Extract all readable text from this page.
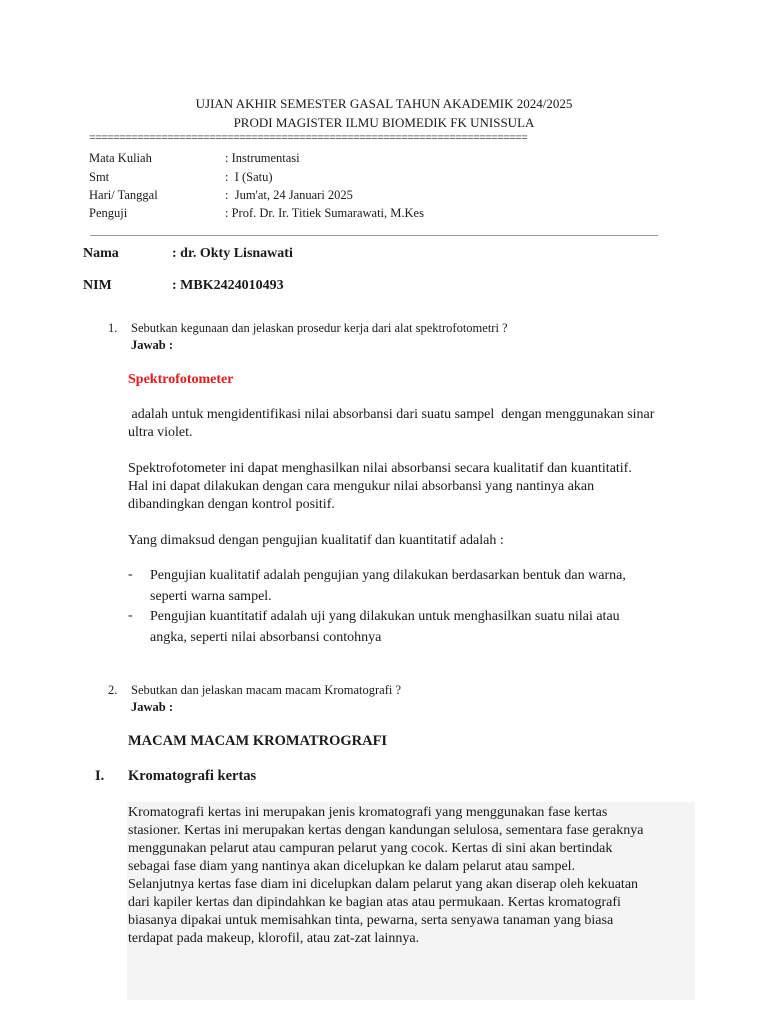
UJIAN AKHIR SEMESTER GASAL TAHUN AKADEMIK 2024/2025
PRODI MAGISTER ILMU BIOMEDIK FK UNISSULA
=========================================================================
Mata Kuliah	: Instrumentasi
Smt	:  I (Satu)
Hari/ Tanggal	:  Jum'at, 24 Januari 2025
Penguji	: Prof. Dr. Ir. Titiek Sumarawati, M.Kes
Nama	: dr. Okty Lisnawati
NIM	: MBK2424010493
1. Sebutkan kegunaan dan jelaskan prosedur kerja dari alat spektrofotometri ?
Jawab :
Spektrofotometer
adalah untuk mengidentifikasi nilai absorbansi dari suatu sampel  dengan menggunakan sinar
ultra violet.
Spektrofotometer ini dapat menghasilkan nilai absorbansi secara kualitatif dan kuantitatif.
Hal ini dapat dilakukan dengan cara mengukur nilai absorbansi yang nantinya akan
dibandingkan dengan kontrol positif.
Yang dimaksud dengan pengujian kualitatif dan kuantitatif adalah :
- Pengujian kualitatif adalah pengujian yang dilakukan berdasarkan bentuk dan warna,
seperti warna sampel.
- Pengujian kuantitatif adalah uji yang dilakukan untuk menghasilkan suatu nilai atau
angka, seperti nilai absorbansi contohnya
2. Sebutkan dan jelaskan macam macam Kromatografi ?
Jawab :
MACAM MACAM KROMATROGRAFI
I. Kromatografi kertas
Kromatografi kertas ini merupakan jenis kromatografi yang menggunakan fase kertas
stasioner. Kertas ini merupakan kertas dengan kandungan selulosa, sementara fase geraknya
menggunakan pelarut atau campuran pelarut yang cocok. Kertas di sini akan bertindak
sebagai fase diam yang nantinya akan dicelupkan ke dalam pelarut atau sampel.
Selanjutnya kertas fase diam ini dicelupkan dalam pelarut yang akan diserap oleh kekuatan
dari kapiler kertas dan dipindahkan ke bagian atas atau permukaan. Kertas kromatografi
biasanya dipakai untuk memisahkan tinta, pewarna, serta senyawa tanaman yang biasa
terdapat pada makeup, klorofil, atau zat-zat lainnya.
